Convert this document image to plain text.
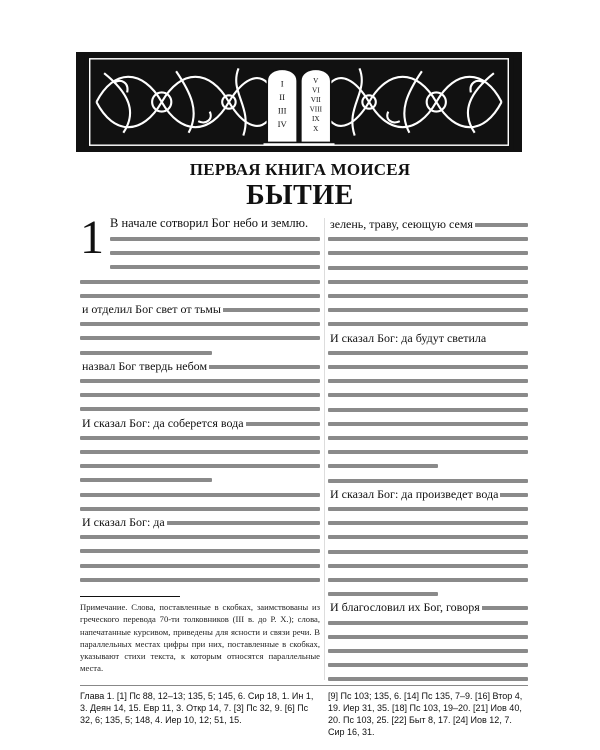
I
II
III
IV
V
VI
VII
VIII
IX
X
ПЕРВАЯ КНИГА МОИСЕЯ
БЫТИЕ
1 В начале сотворил Бог небо и землю.
и отделил Бог свет от тьмы
назвал Бог твердь небом
И сказал Бог: да соберется вода
И сказал Бог: да
зелень, траву, сеющую семя
И сказал Бог: да будут светила
И сказал Бог: да произведет вода
И благословил их Бог, говоря
Примечание. Слова, поставленные в скобках, заимствованы из греческого перевода 70-ти толковников (III в. до Р. Х.); слова, напечатанные курсивом, приведены для ясности и связи речи. В параллельных местах цифры при них, поставленные в скобках, указывают стихи текста, к которым относятся параллельные места.
Глава 1. [1] Пс 88, 12–13; 135, 5; 145, 6. Сир 18, 1. Ин 1, 3. Деян 14, 15. Евр 11, 3. Откр 14, 7. [3] Пс 32, 9. [6] Пс 32, 6; 135, 5; 148, 4. Иер 10, 12; 51, 15.
[9] Пс 103; 135, 6. [14] Пс 135, 7–9. [16] Втор 4, 19. Иер 31, 35. [18] Пс 103, 19–20. [21] Иов 40, 20. Пс 103, 25. [22] Быт 8, 17. [24] Иов 12, 7. Сир 16, 31.
